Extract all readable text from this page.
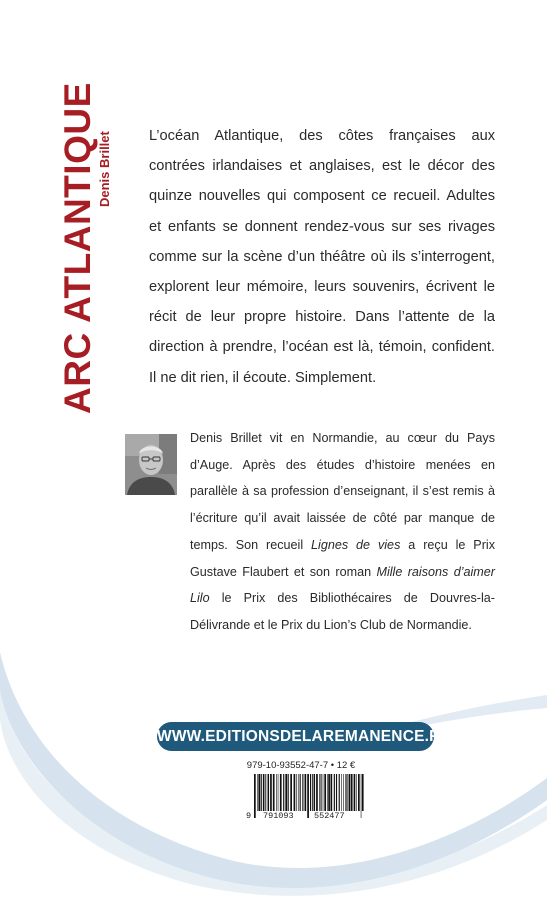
ARC ATLANTIQUE Denis Brillet	L’océan Atlantique, des côtes françaises aux contrées irlandaises et anglaises, est le décor des quinze nouvelles qui composent ce recueil. Adultes et enfants se donnent rendez-vous sur ses rivages comme sur la scène d’un théâtre où ils s’interrogent, explorent leur mémoire, leurs souvenirs, écrivent le récit de leur propre histoire. Dans l’attente de la direction à prendre, l’océan est là, témoin, confident. Il ne dit rien, il écoute. Simplement.

Denis Brillet vit en Normandie, au cœur du Pays d’Auge. Après des études d’histoire menées en parallèle à sa profession d’enseignant, il s’est remis à l’écriture qu’il avait laissée de côté par manque de temps. Son recueil Lignes de vies a reçu le Prix Gustave Flaubert et son roman Mille raisons d’aimer Lilo le Prix des Bibliothécaires de Douvres-la-Délivrande et le Prix du Lion’s Club de Normandie.

WWW.EDITIONSDELAREMANENCE.FR
979-10-93552-47-7 • 12 €
9 791093 552477
